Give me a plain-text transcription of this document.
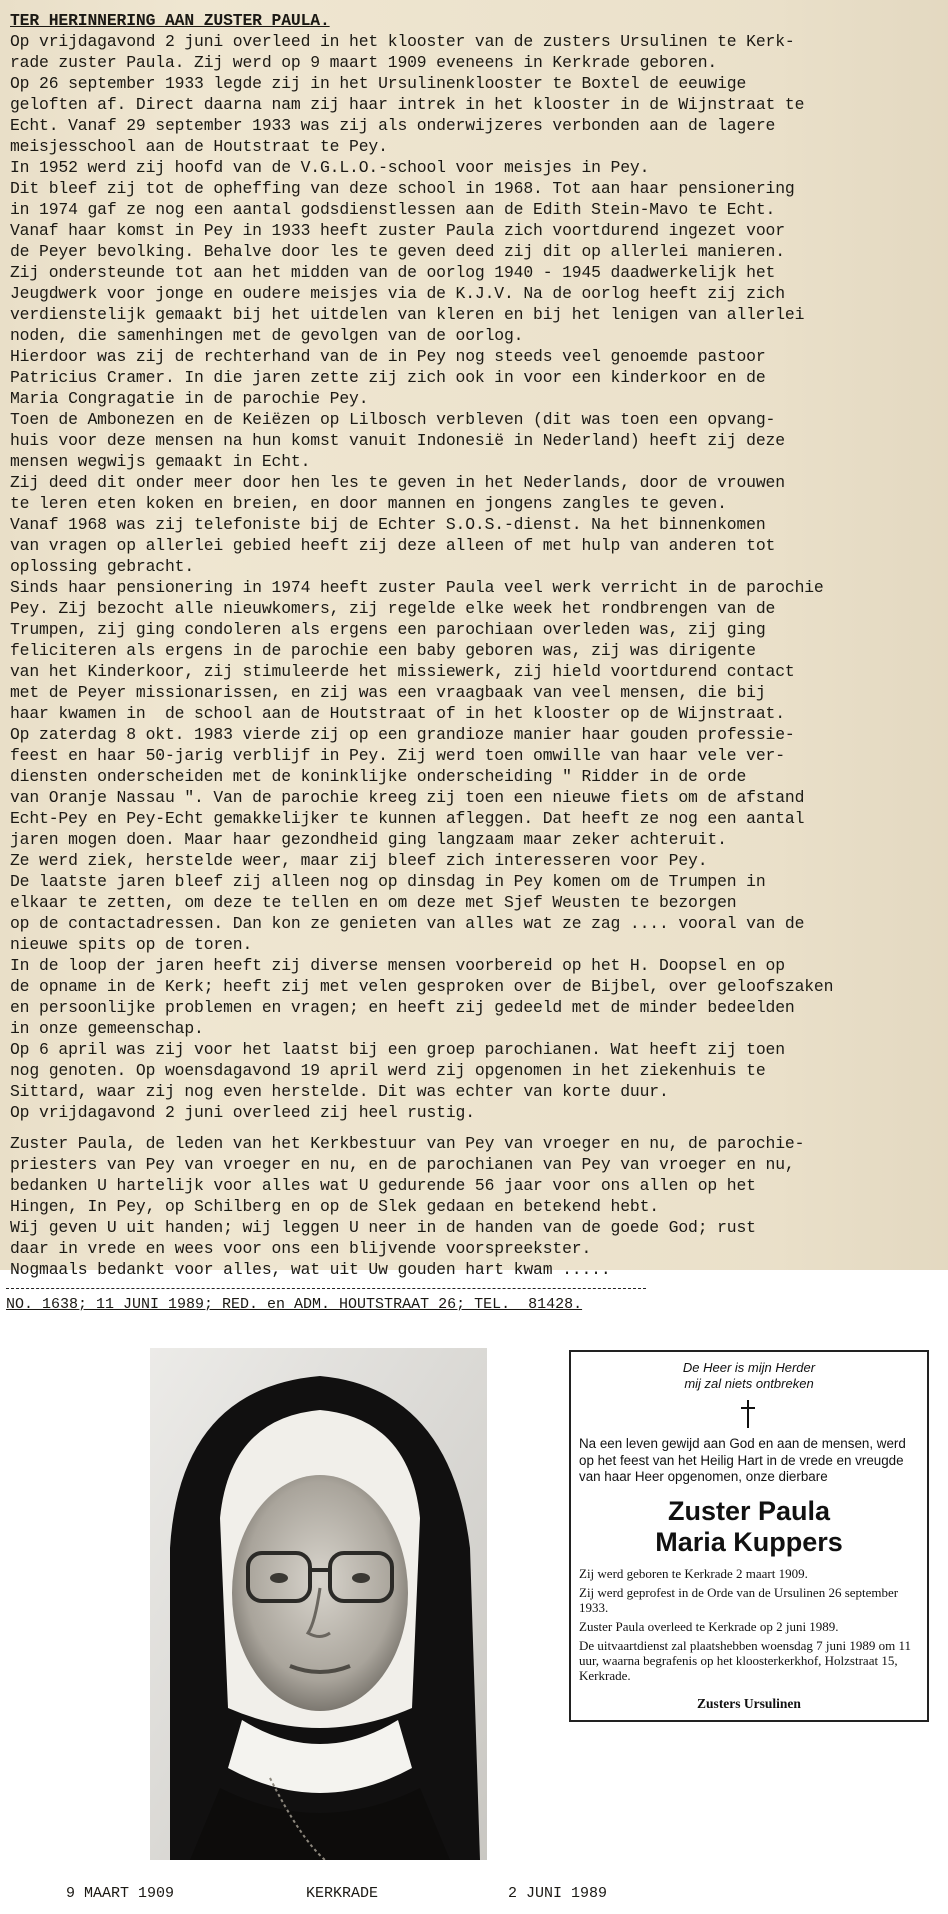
TER HERINNERING AAN ZUSTER PAULA.
Op vrijdagavond 2 juni overleed in het klooster van de zusters Ursulinen te Kerk-
rade zuster Paula. Zij werd op 9 maart 1909 eveneens in Kerkrade geboren.
Op 26 september 1933 legde zij in het Ursulinenklooster te Boxtel de eeuwige
geloften af. Direct daarna nam zij haar intrek in het klooster in de Wijnstraat te
Echt. Vanaf 29 september 1933 was zij als onderwijzeres verbonden aan de lagere
meisjesschool aan de Houtstraat te Pey.
In 1952 werd zij hoofd van de V.G.L.O.-school voor meisjes in Pey.
Dit bleef zij tot de opheffing van deze school in 1968. Tot aan haar pensionering
in 1974 gaf ze nog een aantal godsdienstlessen aan de Edith Stein-Mavo te Echt.
Vanaf haar komst in Pey in 1933 heeft zuster Paula zich voortdurend ingezet voor
de Peyer bevolking. Behalve door les te geven deed zij dit op allerlei manieren.
Zij ondersteunde tot aan het midden van de oorlog 1940 - 1945 daadwerkelijk het
Jeugdwerk voor jonge en oudere meisjes via de K.J.V. Na de oorlog heeft zij zich
verdienstelijk gemaakt bij het uitdelen van kleren en bij het lenigen van allerlei
noden, die samenhingen met de gevolgen van de oorlog.
Hierdoor was zij de rechterhand van de in Pey nog steeds veel genoemde pastoor
Patricius Cramer. In die jaren zette zij zich ook in voor een kinderkoor en de
Maria Congragatie in de parochie Pey.
Toen de Ambonezen en de Keiëzen op Lilbosch verbleven (dit was toen een opvang-
huis voor deze mensen na hun komst vanuit Indonesië in Nederland) heeft zij deze
mensen wegwijs gemaakt in Echt.
Zij deed dit onder meer door hen les te geven in het Nederlands, door de vrouwen
te leren eten koken en breien, en door mannen en jongens zangles te geven.
Vanaf 1968 was zij telefoniste bij de Echter S.O.S.-dienst. Na het binnenkomen
van vragen op allerlei gebied heeft zij deze alleen of met hulp van anderen tot
oplossing gebracht.
Sinds haar pensionering in 1974 heeft zuster Paula veel werk verricht in de parochie
Pey. Zij bezocht alle nieuwkomers, zij regelde elke week het rondbrengen van de
Trumpen, zij ging condoleren als ergens een parochiaan overleden was, zij ging
feliciteren als ergens in de parochie een baby geboren was, zij was dirigente
van het Kinderkoor, zij stimuleerde het missiewerk, zij hield voortdurend contact
met de Peyer missionarissen, en zij was een vraagbaak van veel mensen, die bij
haar kwamen in  de school aan de Houtstraat of in het klooster op de Wijnstraat.
Op zaterdag 8 okt. 1983 vierde zij op een grandioze manier haar gouden professie-
feest en haar 50-jarig verblijf in Pey. Zij werd toen omwille van haar vele ver-
diensten onderscheiden met de koninklijke onderscheiding " Ridder in de orde
van Oranje Nassau ". Van de parochie kreeg zij toen een nieuwe fiets om de afstand
Echt-Pey en Pey-Echt gemakkelijker te kunnen afleggen. Dat heeft ze nog een aantal
jaren mogen doen. Maar haar gezondheid ging langzaam maar zeker achteruit.
Ze werd ziek, herstelde weer, maar zij bleef zich interesseren voor Pey.
De laatste jaren bleef zij alleen nog op dinsdag in Pey komen om de Trumpen in
elkaar te zetten, om deze te tellen en om deze met Sjef Weusten te bezorgen
op de contactadressen. Dan kon ze genieten van alles wat ze zag .... vooral van de
nieuwe spits op de toren.
In de loop der jaren heeft zij diverse mensen voorbereid op het H. Doopsel en op
de opname in de Kerk; heeft zij met velen gesproken over de Bijbel, over geloofszaken
en persoonlijke problemen en vragen; en heeft zij gedeeld met de minder bedeelden
in onze gemeenschap.
Op 6 april was zij voor het laatst bij een groep parochianen. Wat heeft zij toen
nog genoten. Op woensdagavond 19 april werd zij opgenomen in het ziekenhuis te
Sittard, waar zij nog even herstelde. Dit was echter van korte duur.
Op vrijdagavond 2 juni overleed zij heel rustig.
Zuster Paula, de leden van het Kerkbestuur van Pey van vroeger en nu, de parochie-
priesters van Pey van vroeger en nu, en de parochianen van Pey van vroeger en nu,
bedanken U hartelijk voor alles wat U gedurende 56 jaar voor ons allen op het
Hingen, In Pey, op Schilberg en op de Slek gedaan en betekend hebt.
Wij geven U uit handen; wij leggen U neer in de handen van de goede God; rust
daar in vrede en wees voor ons een blijvende voorspreekster.
Nogmaals bedankt voor alles, wat uit Uw gouden hart kwam .....
NO. 1638; 11 JUNI 1989; RED. en ADM. HOUTSTRAAT 26; TEL.  81428.
De Heer is mijn Herder
mij zal niets ontbreken
Na een leven gewijd aan God en aan de mensen, werd op het feest van het Heilig Hart in de vrede en vreugde van haar Heer opgenomen, onze dierbare
Zuster Paula
Maria Kuppers

Zij werd geboren te Kerkrade 2 maart 1909.

Zij werd geprofest in de Orde van de Ursulinen 26 september 1933.

Zuster Paula overleed te Kerkrade op 2 juni 1989.

De uitvaartdienst zal plaatshebben woensdag 7 juni 1989 om 11 uur, waarna begrafenis op het kloosterkerkhof, Holzstraat 15, Kerkrade.

Zusters Ursulinen
9 MAART 1909	KERKRADE	2 JUNI 1989
